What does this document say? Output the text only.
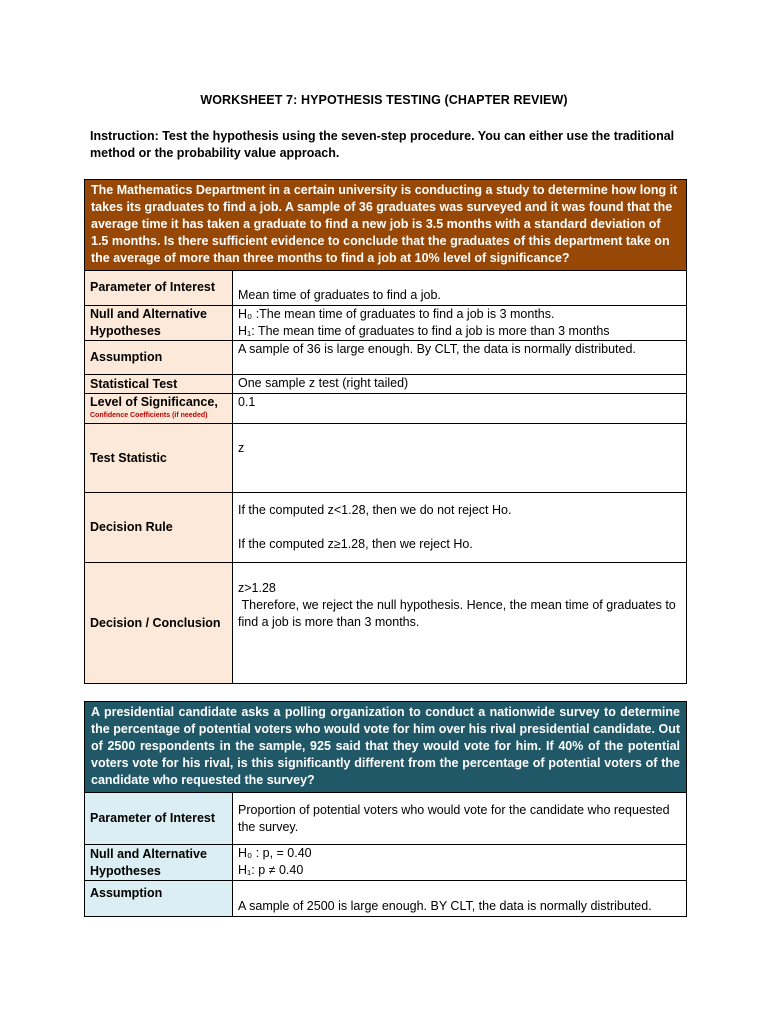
WORKSHEET 7: HYPOTHESIS TESTING (CHAPTER REVIEW)
Instruction: Test the hypothesis using the seven-step procedure. You can either use the traditional method or the probability value approach.
The Mathematics Department in a certain university is conducting a study to determine how long it takes its graduates to find a job. A sample of 36 graduates was surveyed and it was found that the average time it has taken a graduate to find a new job is 3.5 months with a standard deviation of 1.5 months. Is there sufficient evidence to conclude that the graduates of this department take on the average of more than three months to find a job at 10% level of significance?	
Parameter of Interest	Mean time of graduates to find a job.
Null and Alternative Hypotheses	H₀ :The mean time of graduates to find a job is 3 months.
H₁: The mean time of graduates to find a job is more than 3 months

Assumption	A sample of 36 is large enough. By CLT, the data is normally distributed.
Statistical Test	One sample z test (right tailed)
Level of Significance,
Confidence Coefficients (if needed)	0.1
Test Statistic	z
Decision Rule	If the computed z<1.28, then we do not reject Ho.
If the computed z≥1.28, then we reject Ho.

Decision / Conclusion	z>1.28
Therefore, we reject the null hypothesis. Hence, the mean time of graduates to find a job is more than 3 months.
A presidential candidate asks a polling organization to conduct a nationwide survey to determine the percentage of potential voters who would vote for him over his rival presidential candidate. Out of 2500 respondents in the sample, 925 said that they would vote for him. If 40% of the potential voters vote for his rival, is this significantly different from the percentage of potential voters of the candidate who requested the survey?	
Parameter of Interest	Proportion of potential voters who would vote for the candidate who requested the survey.
Null and Alternative Hypotheses	H₀ : p, = 0.40
H₁: p ≠ 0.40

Assumption	A sample of 2500 is large enough. BY CLT, the data is normally distributed.
